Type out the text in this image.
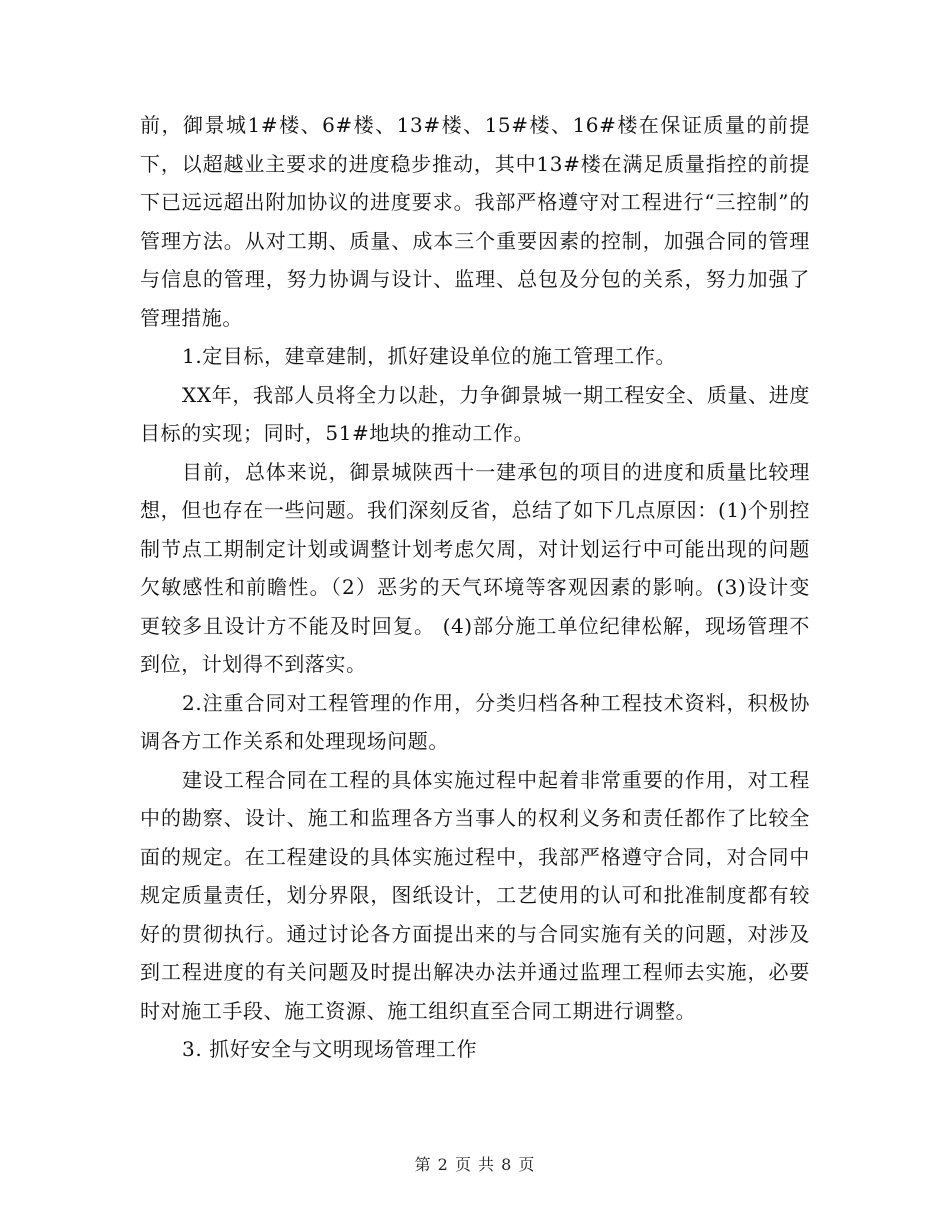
前，御景城1#楼、6#楼、13#楼、15#楼、16#楼在保证质量的前提下，以超越业主要求的进度稳步推动，其中13#楼在满足质量指控的前提下已远远超出附加协议的进度要求。我部严格遵守对工程进行“三控制”的管理方法。从对工期、质量、成本三个重要因素的控制，加强合同的管理与信息的管理，努力协调与设计、监理、总包及分包的关系，努力加强了管理措施。

1.定目标，建章建制，抓好建设单位的施工管理工作。

XX年，我部人员将全力以赴，力争御景城一期工程安全、质量、进度目标的实现；同时，51#地块的推动工作。

目前，总体来说，御景城陕西十一建承包的项目的进度和质量比较理想，但也存在一些问题。我们深刻反省，总结了如下几点原因：(1)个别控制节点工期制定计划或调整计划考虑欠周，对计划运行中可能出现的问题欠敏感性和前瞻性。（2）恶劣的天气环境等客观因素的影响。(3)设计变更较多且设计方不能及时回复。 (4)部分施工单位纪律松解，现场管理不到位，计划得不到落实。

2.注重合同对工程管理的作用，分类归档各种工程技术资料，积极协调各方工作关系和处理现场问题。

建设工程合同在工程的具体实施过程中起着非常重要的作用，对工程中的勘察、设计、施工和监理各方当事人的权利义务和责任都作了比较全面的规定。在工程建设的具体实施过程中，我部严格遵守合同，对合同中规定质量责任，划分界限，图纸设计，工艺使用的认可和批准制度都有较好的贯彻执行。通过讨论各方面提出来的与合同实施有关的问题，对涉及到工程进度的有关问题及时提出解决办法并通过监理工程师去实施，必要时对施工手段、施工资源、施工组织直至合同工期进行调整。

3. 抓好安全与文明现场管理工作

第 2 页 共 8 页
